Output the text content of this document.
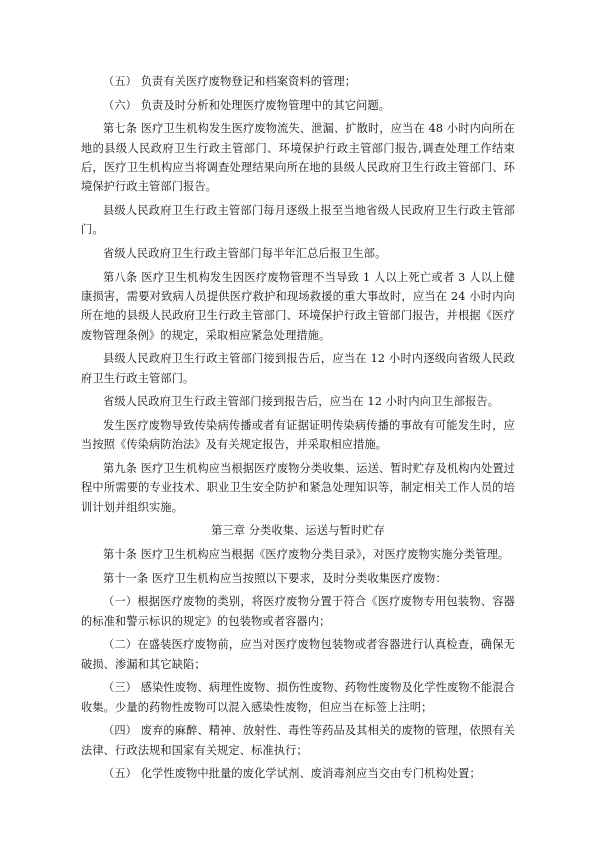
（五） 负责有关医疗废物登记和档案资料的管理；

（六） 负责及时分析和处理医疗废物管理中的其它问题。

第七条 医疗卫生机构发生医疗废物流失、泄漏、扩散时，应当在 48 小时内向所在地的县级人民政府卫生行政主管部门、环境保护行政主管部门报告,调查处理工作结束后，医疗卫生机构应当将调查处理结果向所在地的县级人民政府卫生行政主管部门、环境保护行政主管部门报告。

县级人民政府卫生行政主管部门每月逐级上报至当地省级人民政府卫生行政主管部门。

省级人民政府卫生行政主管部门每半年汇总后报卫生部。

第八条 医疗卫生机构发生因医疗废物管理不当导致 1 人以上死亡或者 3 人以上健康损害，需要对致病人员提供医疗救护和现场救援的重大事故时，应当在 24 小时内向所在地的县级人民政府卫生行政主管部门、环境保护行政主管部门报告，并根据《医疗废物管理条例》的规定，采取相应紧急处理措施。

县级人民政府卫生行政主管部门接到报告后，应当在 12 小时内逐级向省级人民政府卫生行政主管部门。

省级人民政府卫生行政主管部门接到报告后，应当在 12 小时内向卫生部报告。

发生医疗废物导致传染病传播或者有证据证明传染病传播的事故有可能发生时，应当按照《传染病防治法》及有关规定报告，并采取相应措施。

第九条 医疗卫生机构应当根据医疗废物分类收集、运送、暂时贮存及机构内处置过程中所需要的专业技术、职业卫生安全防护和紧急处理知识等，制定相关工作人员的培训计划并组织实施。

第三章 分类收集、运送与暂时贮存

第十条 医疗卫生机构应当根据《医疗废物分类目录》，对医疗废物实施分类管理。

第十一条 医疗卫生机构应当按照以下要求，及时分类收集医疗废物：

（一）根据医疗废物的类别，将医疗废物分置于符合《医疗废物专用包装物、容器的标准和警示标识的规定》的包装物或者容器内；

（二）在盛装医疗废物前，应当对医疗废物包装物或者容器进行认真检查，确保无破损、渗漏和其它缺陷；

（三） 感染性废物、病理性废物、损伤性废物、药物性废物及化学性废物不能混合收集。少量的药物性废物可以混入感染性废物，但应当在标签上注明；

（四） 废弃的麻醉、精神、放射性、毒性等药品及其相关的废物的管理，依照有关法律、行政法规和国家有关规定、标准执行；

（五） 化学性废物中批量的废化学试剂、废消毒剂应当交由专门机构处置；
